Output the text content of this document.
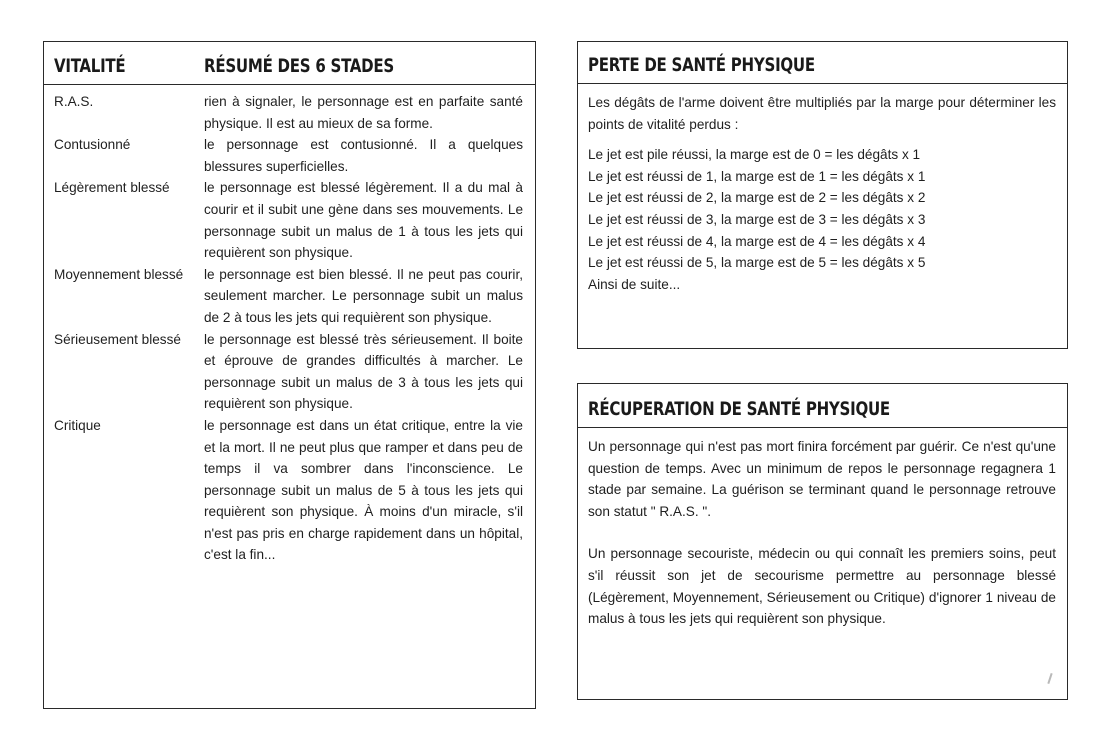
VITALITÉ	RÉSUMÉ DES 6 STADES
R.A.S.	rien à signaler, le personnage est en parfaite santé physique. Il est au mieux de sa forme.
Contusionné	le personnage est contusionné. Il a quelques blessures superficielles.
Légèrement blessé	le personnage est blessé légèrement. Il a du mal à courir et il subit une gène dans ses mouvements. Le personnage subit un malus de 1 à tous les jets qui requièrent son physique.
Moyennement blessé	le personnage est bien blessé. Il ne peut pas courir, seulement marcher. Le personnage subit un malus de 2 à tous les jets qui requièrent son physique.
Sérieusement blessé	le personnage est blessé très sérieusement. Il boite et éprouve de grandes difficultés à marcher. Le personnage subit un malus de 3 à tous les jets qui requièrent son physique.
Critique	le personnage est dans un état critique, entre la vie et la mort. Il ne peut plus que ramper et dans peu de temps il va sombrer dans l'inconscience. Le personnage subit un malus de 5 à tous les jets qui requièrent son physique. À moins d'un miracle, s'il n'est pas pris en charge rapidement dans un hôpital, c'est la fin...
PERTE DE SANTÉ PHYSIQUE

Les dégâts de l'arme doivent être multipliés par la marge pour déterminer les points de vitalité perdus :

Le jet est pile réussi, la marge est de 0 = les dégâts x 1
Le jet est réussi de 1, la marge est de 1 = les dégâts x 1
Le jet est réussi de 2, la marge est de 2 = les dégâts x 2
Le jet est réussi de 3, la marge est de 3 = les dégâts x 3
Le jet est réussi de 4, la marge est de 4 = les dégâts x 4
Le jet est réussi de 5, la marge est de 5 = les dégâts x 5
Ainsi de suite...
RÉCUPERATION DE SANTÉ PHYSIQUE

Un personnage qui n'est pas mort finira forcément par guérir. Ce n'est qu'une question de temps. Avec un minimum de repos le personnage regagnera 1 stade par semaine. La guérison se terminant quand le personnage retrouve son statut " R.A.S. ".

Un personnage secouriste, médecin ou qui connaît les premiers soins, peut s'il réussit son jet de secourisme permettre au personnage blessé (Légèrement, Moyennement, Sérieusement ou Critique) d'ignorer 1 niveau de malus à tous les jets qui requièrent son physique.
